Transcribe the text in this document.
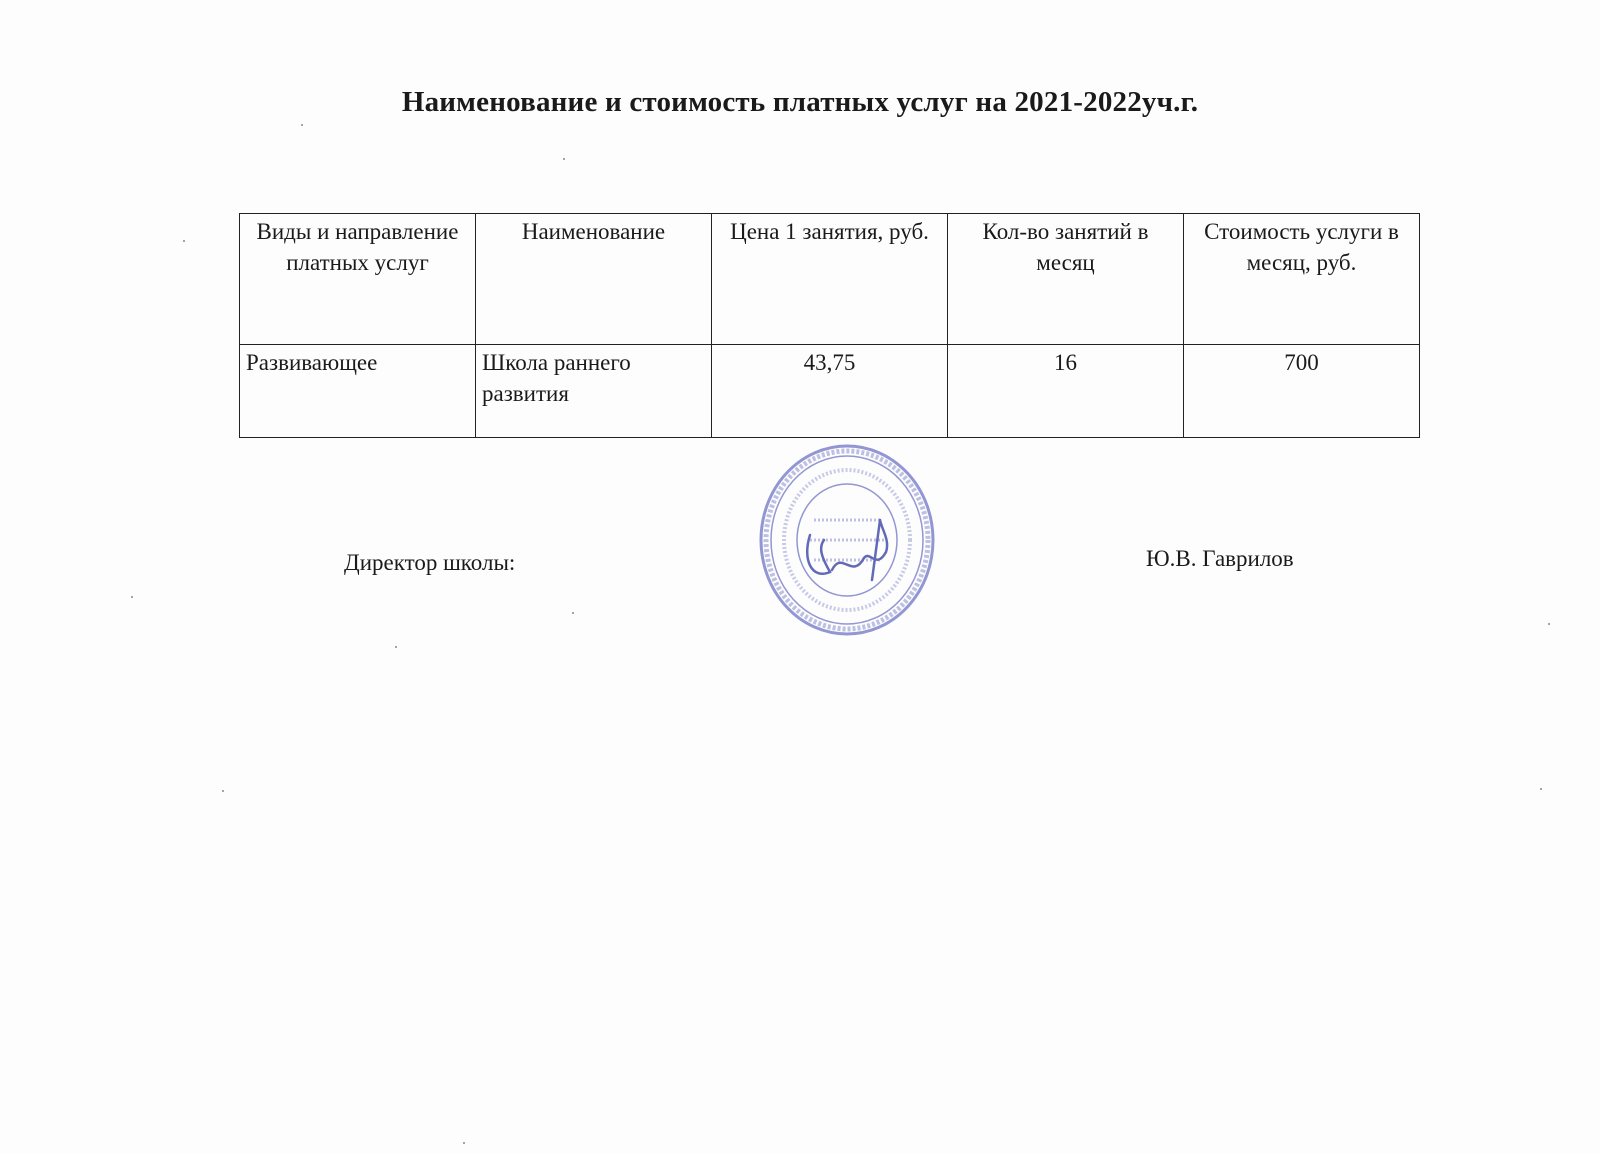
Наименование и стоимость платных услуг на 2021-2022уч.г.
Виды и направление платных услуг	Наименование	Цена 1 занятия, руб.	Кол-во занятий в месяц	Стоимость услуги в месяц, руб.
Развивающее	Школа раннего развития	43,75	16	700
Директор школы:	Ю.В. Гаврилов
